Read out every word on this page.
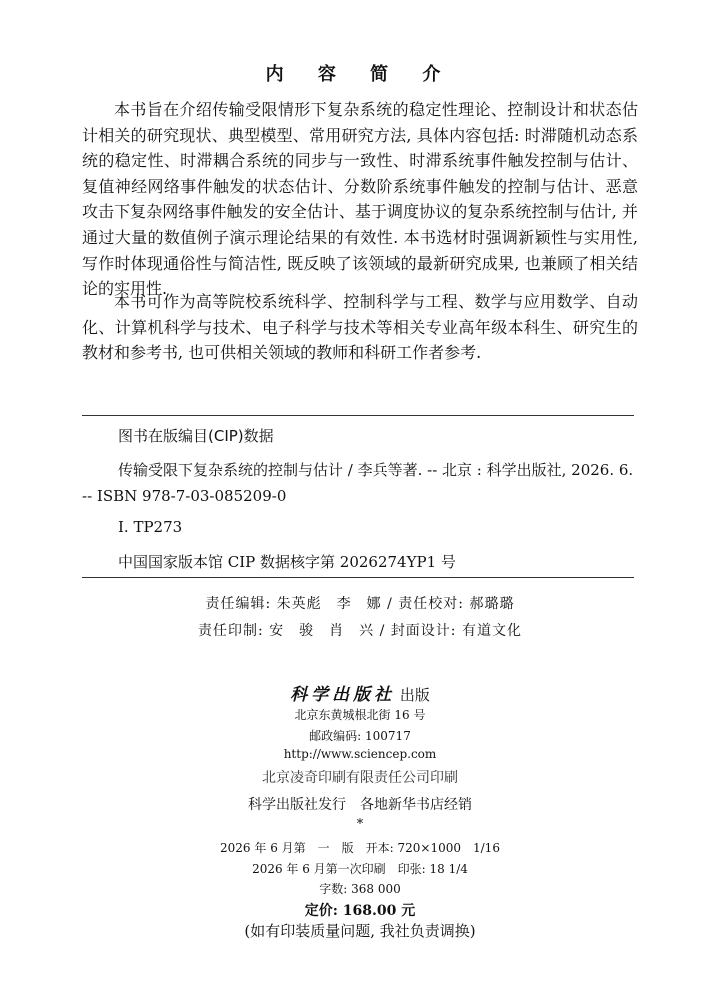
内 容 简 介

本书旨在介绍传输受限情形下复杂系统的稳定性理论、控制设计和状态估计相关的研究现状、典型模型、常用研究方法, 具体内容包括: 时滞随机动态系统的稳定性、时滞耦合系统的同步与一致性、时滞系统事件触发控制与估计、复值神经网络事件触发的状态估计、分数阶系统事件触发的控制与估计、恶意攻击下复杂网络事件触发的安全估计、基于调度协议的复杂系统控制与估计, 并通过大量的数值例子演示理论结果的有效性. 本书选材时强调新颖性与实用性, 写作时体现通俗性与简洁性, 既反映了该领域的最新研究成果, 也兼顾了相关结论的实用性.

本书可作为高等院校系统科学、控制科学与工程、数学与应用数学、自动化、计算机科学与技术、电子科学与技术等相关专业高年级本科生、研究生的教材和参考书, 也可供相关领域的教师和科研工作者参考.

图书在版编目(CIP)数据

传输受限下复杂系统的控制与估计 / 李兵等著. -- 北京 : 科学出版社, 2026. 6. -- ISBN 978-7-03-085209-0

Ⅰ. TP273
中国国家版本馆 CIP 数据核字第 2026274YP1 号
责任编辑: 朱英彪　李　娜 / 责任校对: 郝璐璐
责任印制: 安　骏　肖　兴 / 封面设计: 有道文化
科学出版社 出版
北京东黄城根北街 16 号
邮政编码: 100717
http://www.sciencep.com
北京凌奇印刷有限责任公司印刷
科学出版社发行　各地新华书店经销
*
2026 年 6 月第　一　版　开本: 720×1000　1/16
2026 年 6 月第一次印刷　印张: 18 1/4
字数: 368 000
定价: 168.00 元
(如有印装质量问题, 我社负责调换)
